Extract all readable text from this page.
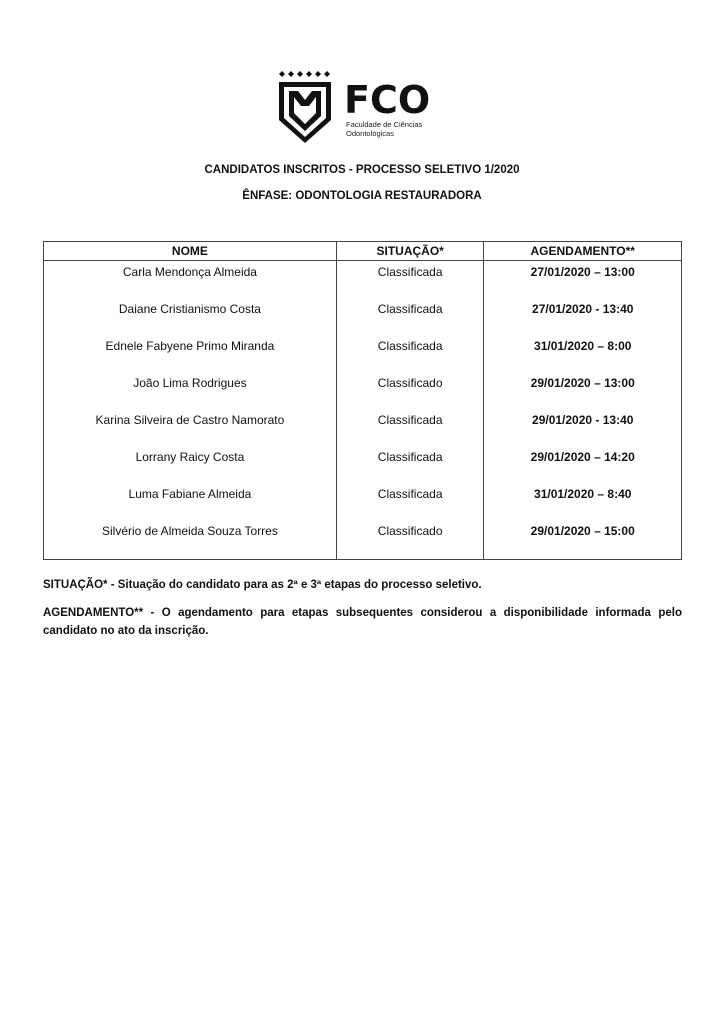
FCO
Faculdade de Ciências
Odontológicas
CANDIDATOS INSCRITOS - PROCESSO SELETIVO 1/2020
ÊNFASE: ODONTOLOGIA RESTAURADORA
NOME	SITUAÇÃO*	AGENDAMENTO**
Carla Mendonça Almeida	Classificada	27/01/2020 – 13:00
Daiane Cristianismo Costa	Classificada	27/01/2020 - 13:40
Ednele Fabyene Primo Miranda	Classificada	31/01/2020 – 8:00
João Lima Rodrigues	Classificado	29/01/2020 – 13:00
Karina Silveira de Castro Namorato	Classificada	29/01/2020 - 13:40
Lorrany Raicy Costa	Classificada	29/01/2020 – 14:20
Luma Fabiane Almeida	Classificada	31/01/2020 – 8:40
Silvério de Almeida Souza Torres	Classificado	29/01/2020 – 15:00
SITUAÇÃO* - Situação do candidato para as 2ª e 3ª etapas do processo seletivo.
AGENDAMENTO** - O agendamento para etapas subsequentes considerou a disponibilidade informada pelo candidato no ato da inscrição.
